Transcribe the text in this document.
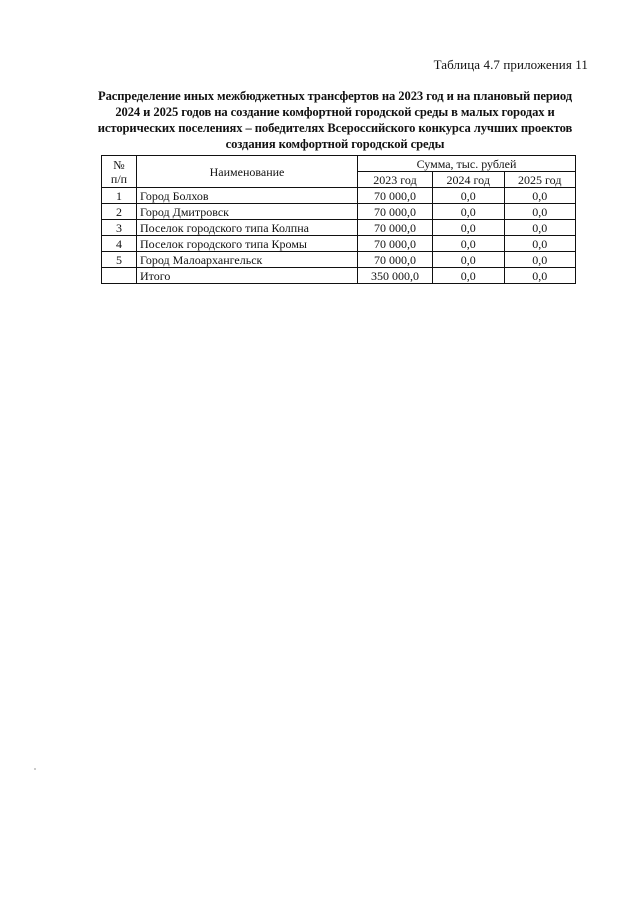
Таблица 4.7 приложения 11
Распределение иных межбюджетных трансфертов на 2023 год и на плановый период
2024 и 2025 годов на создание комфортной городской среды в малых городах и
исторических поселениях – победителях Всероссийского конкурса лучших проектов
создания комфортной городской среды
№
п/п	Наименование	Сумма, тыс. рублей		
		2023 год	2024 год	2025 год
1	Город Болхов	70 000,0	0,0	0,0
2	Город Дмитровск	70 000,0	0,0	0,0
3	Поселок городского типа Колпна	70 000,0	0,0	0,0
4	Поселок городского типа Кромы	70 000,0	0,0	0,0
5	Город Малоархангельск	70 000,0	0,0	0,0
	Итого	350 000,0	0,0	0,0
